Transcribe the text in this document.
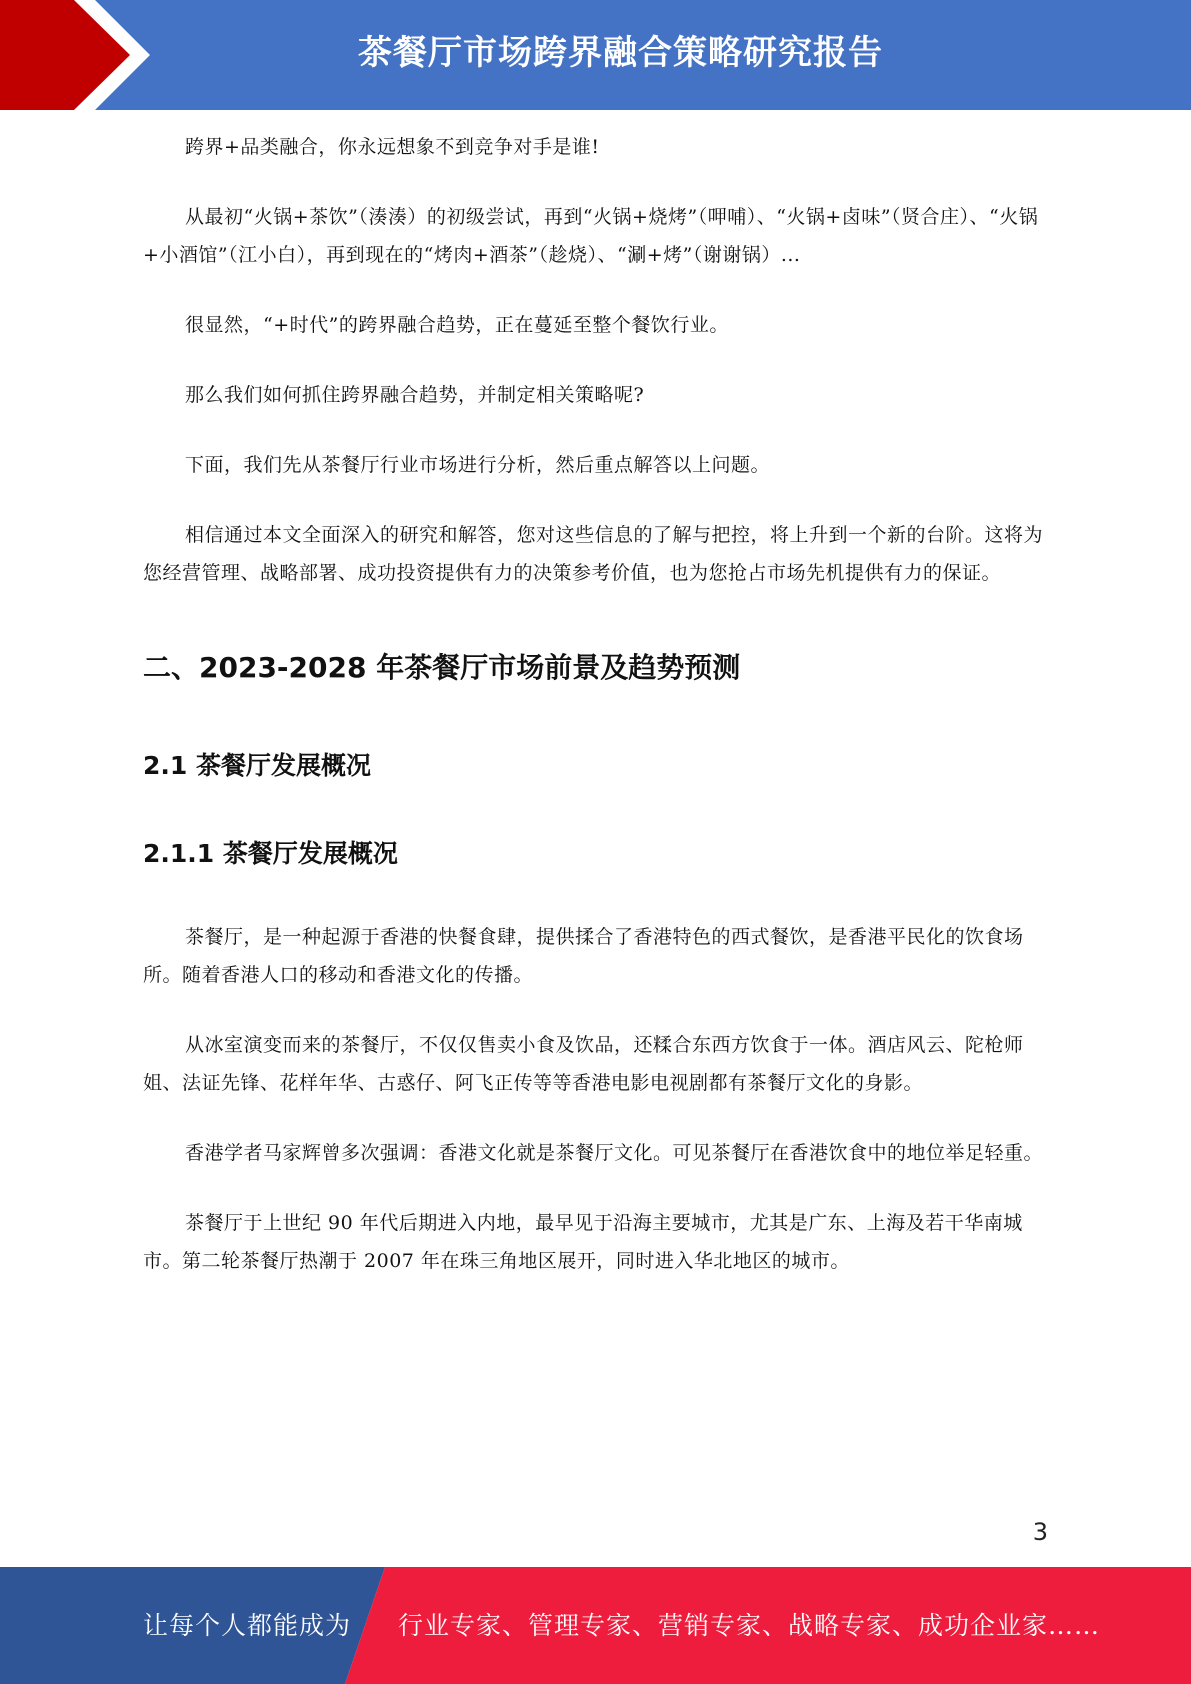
茶餐厅市场跨界融合策略研究报告

跨界+品类融合，你永远想象不到竞争对手是谁!

从最初“火锅+茶饮”（湊湊）的初级尝试，再到“火锅+烧烤”（呷哺）、“火锅+卤味”（贤合庄）、“火锅+小酒馆”（江小白），再到现在的“烤肉+酒茶”（趁烧）、“涮+烤”（谢谢锅）...

很显然，“+时代”的跨界融合趋势，正在蔓延至整个餐饮行业。

那么我们如何抓住跨界融合趋势，并制定相关策略呢?

下面，我们先从茶餐厅行业市场进行分析，然后重点解答以上问题。

相信通过本文全面深入的研究和解答，您对这些信息的了解与把控，将上升到一个新的台阶。这将为您经营管理、战略部署、成功投资提供有力的决策参考价值，也为您抢占市场先机提供有力的保证。

二、2023-2028 年茶餐厅市场前景及趋势预测
2.1 茶餐厅发展概况
2.1.1 茶餐厅发展概况

茶餐厅，是一种起源于香港的快餐食肆，提供揉合了香港特色的西式餐饮，是香港平民化的饮食场所。随着香港人口的移动和香港文化的传播。

从冰室演变而来的茶餐厅，不仅仅售卖小食及饮品，还糅合东西方饮食于一体。酒店风云、陀枪师姐、法证先锋、花样年华、古惑仔、阿飞正传等等香港电影电视剧都有茶餐厅文化的身影。

香港学者马家辉曾多次强调：香港文化就是茶餐厅文化。可见茶餐厅在香港饮食中的地位举足轻重。

茶餐厅于上世纪 90 年代后期进入内地，最早见于沿海主要城市，尤其是广东、上海及若干华南城市。第二轮茶餐厅热潮于 2007 年在珠三角地区展开，同时进入华北地区的城市。

3
让每个人都能成为 行业专家、管理专家、营销专家、战略专家、成功企业家……
